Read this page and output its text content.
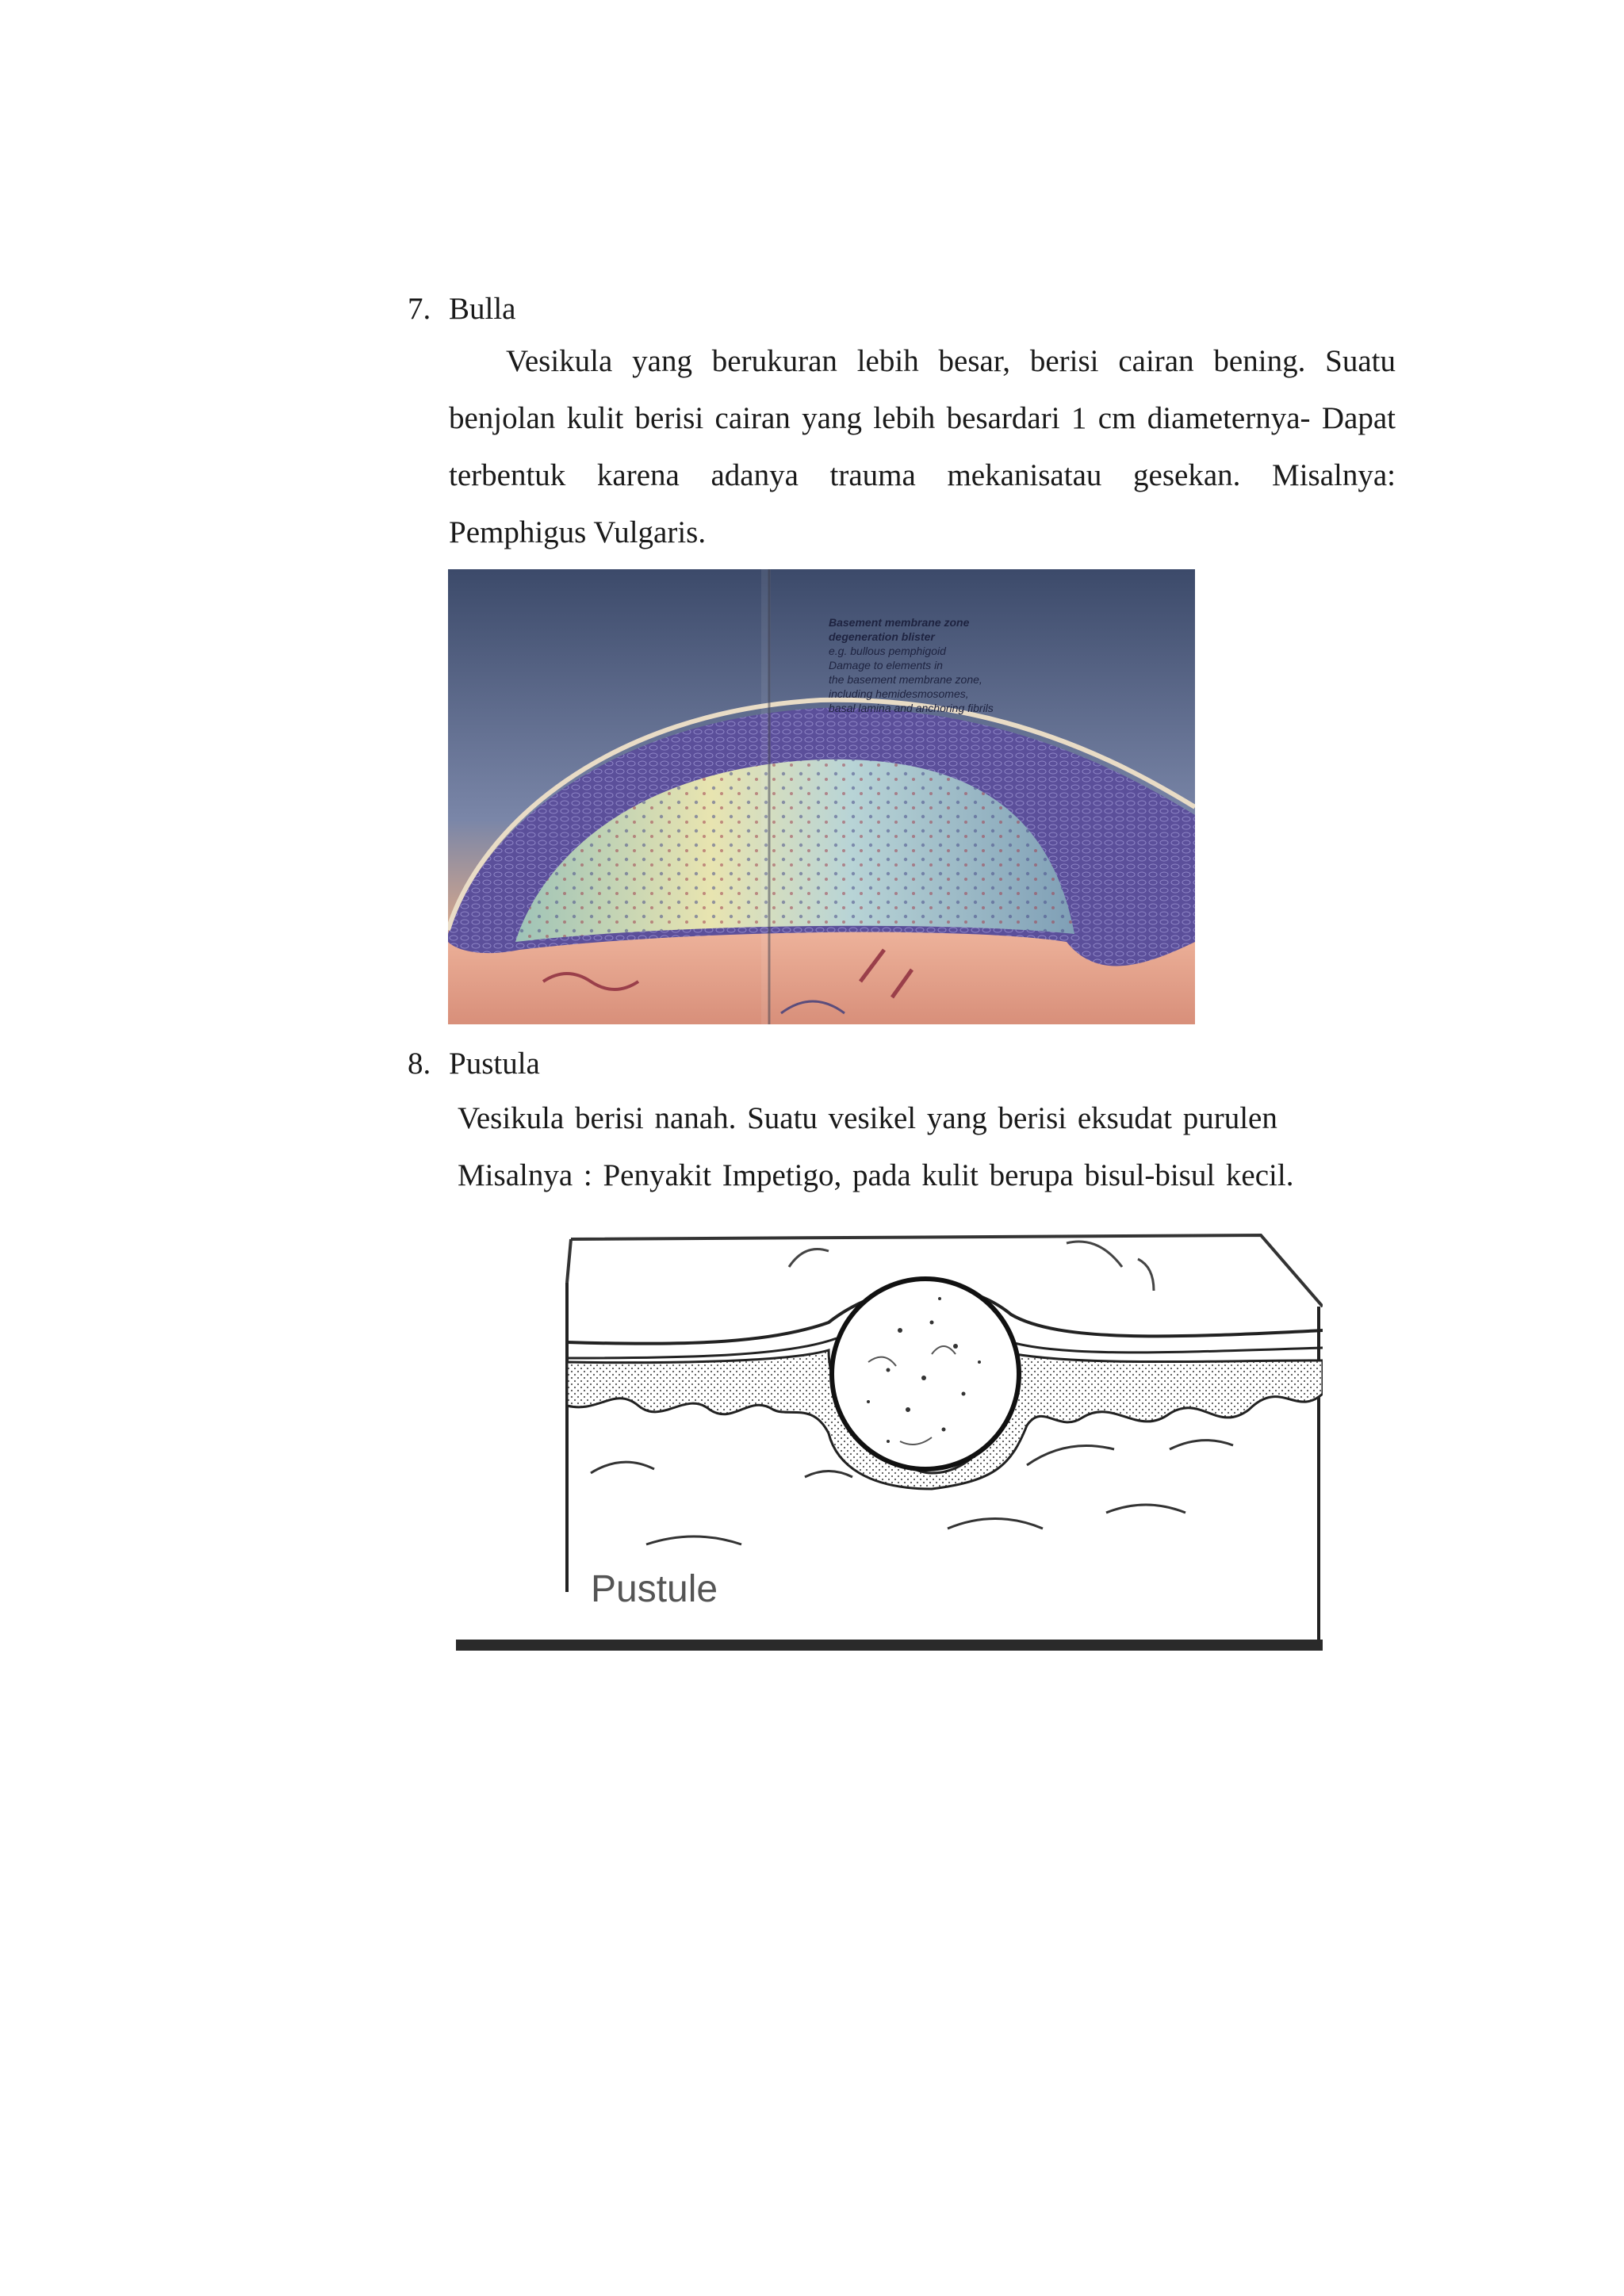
7. Bulla
Vesikula yang berukuran lebih besar, berisi cairan bening. Suatu benjolan kulit berisi cairan yang lebih besardari 1 cm diameternya- Dapat terbentuk karena adanya trauma mekanisatau gesekan. Misalnya: Pemphigus Vulgaris.
Basement membrane zone
degeneration blister
e.g. bullous pemphigoid
Damage to elements in
the basement membrane zone,
including hemidesmosomes,
basal lamina and anchoring fibrils
8. Pustula
Vesikula berisi nanah. Suatu vesikel yang berisi eksudat purulen
Misalnya : Penyakit Impetigo, pada kulit berupa bisul-bisul kecil.
Pustule
